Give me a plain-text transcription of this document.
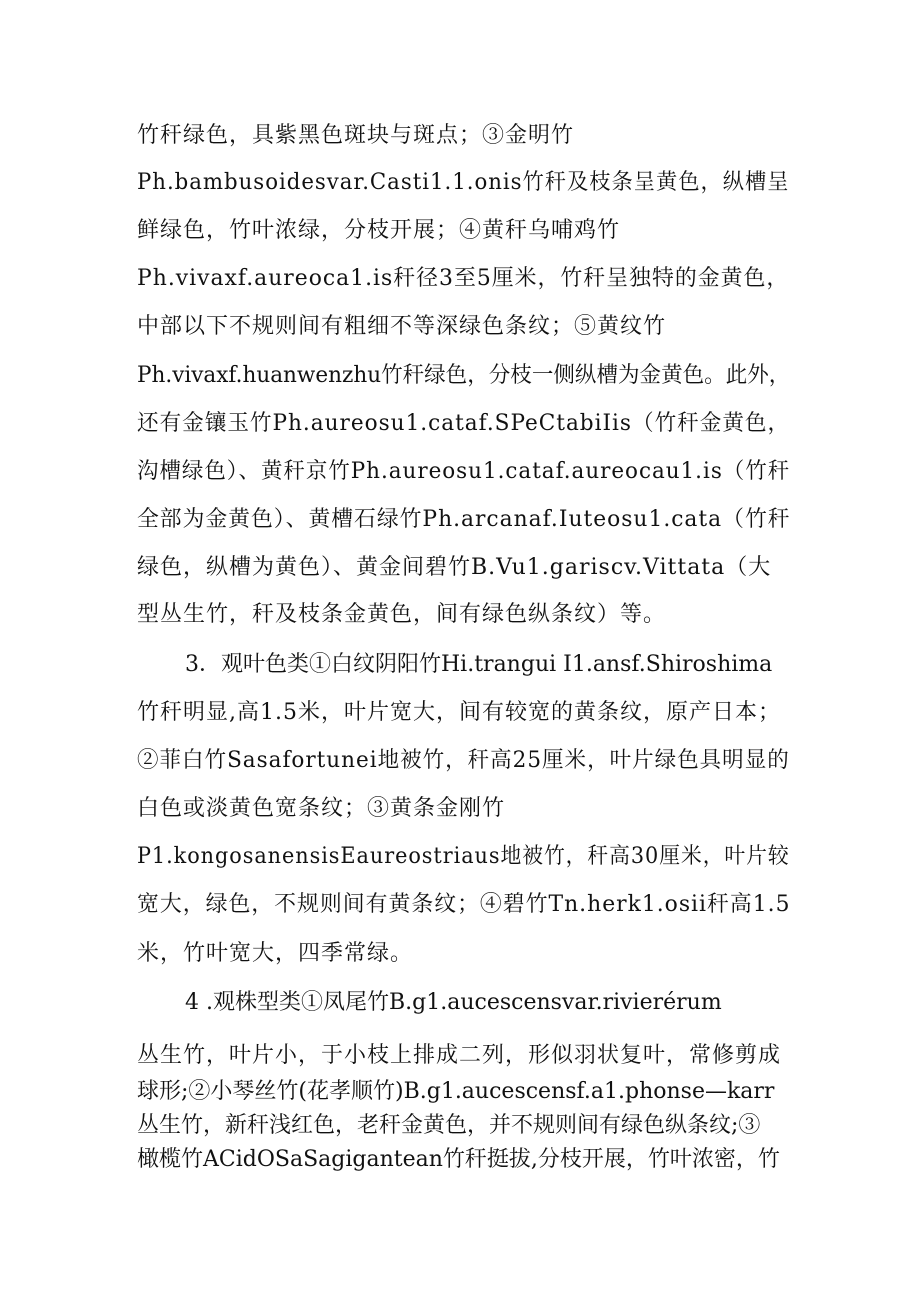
竹秆绿色，具紫黑色斑块与斑点；③金明竹
Ph.bambusoidesvar.Casti1.1.onis竹秆及枝条呈黄色，纵槽呈
鲜绿色，竹叶浓绿，分枝开展；④黄秆乌哺鸡竹
Ph.vivaxf.aureoca1.is秆径3至5厘米，竹秆呈独特的金黄色，
中部以下不规则间有粗细不等深绿色条纹；⑤黄纹竹
Ph.vivaxf.huanwenzhu竹秆绿色，分枝一侧纵槽为金黄色。此外，
还有金镶玉竹Ph.aureosu1.cataf.SPeCtabiIis（竹秆金黄色，
沟槽绿色）、黄秆京竹Ph.aureosu1.cataf.aureocau1.is（竹秆
全部为金黄色）、黄槽石绿竹Ph.arcanaf.Iuteosu1.cata（竹秆
绿色，纵槽为黄色）、黄金间碧竹B.Vu1.gariscv.Vittata（大
型丛生竹，秆及枝条金黄色，间有绿色纵条纹）等。
3．观叶色类①白纹阴阳竹Hi.trangui I1.ansf.Shiroshima
竹秆明显,高1.5米，叶片宽大，间有较宽的黄条纹，原产日本；
②菲白竹Sasafortunei地被竹，秆高25厘米，叶片绿色具明显的
白色或淡黄色宽条纹；③黄条金刚竹
P1.kongosanensisEaureostriaus地被竹，秆高30厘米，叶片较
宽大，绿色，不规则间有黄条纹；④碧竹Tn.herk1.osii秆高1.5
米，竹叶宽大，四季常绿。
4 .观株型类①凤尾竹B.g1.aucescensvar.rivierérum
丛生竹，叶片小，于小枝上排成二列，形似羽状复叶，常修剪成
球形;②小琴丝竹(花孝顺竹)B.g1.aucescensf.a1.phonse—karr
丛生竹，新秆浅红色，老秆金黄色，并不规则间有绿色纵条纹;③
橄榄竹ACidOSaSagigantean竹秆挺拔,分枝开展，竹叶浓密，竹
